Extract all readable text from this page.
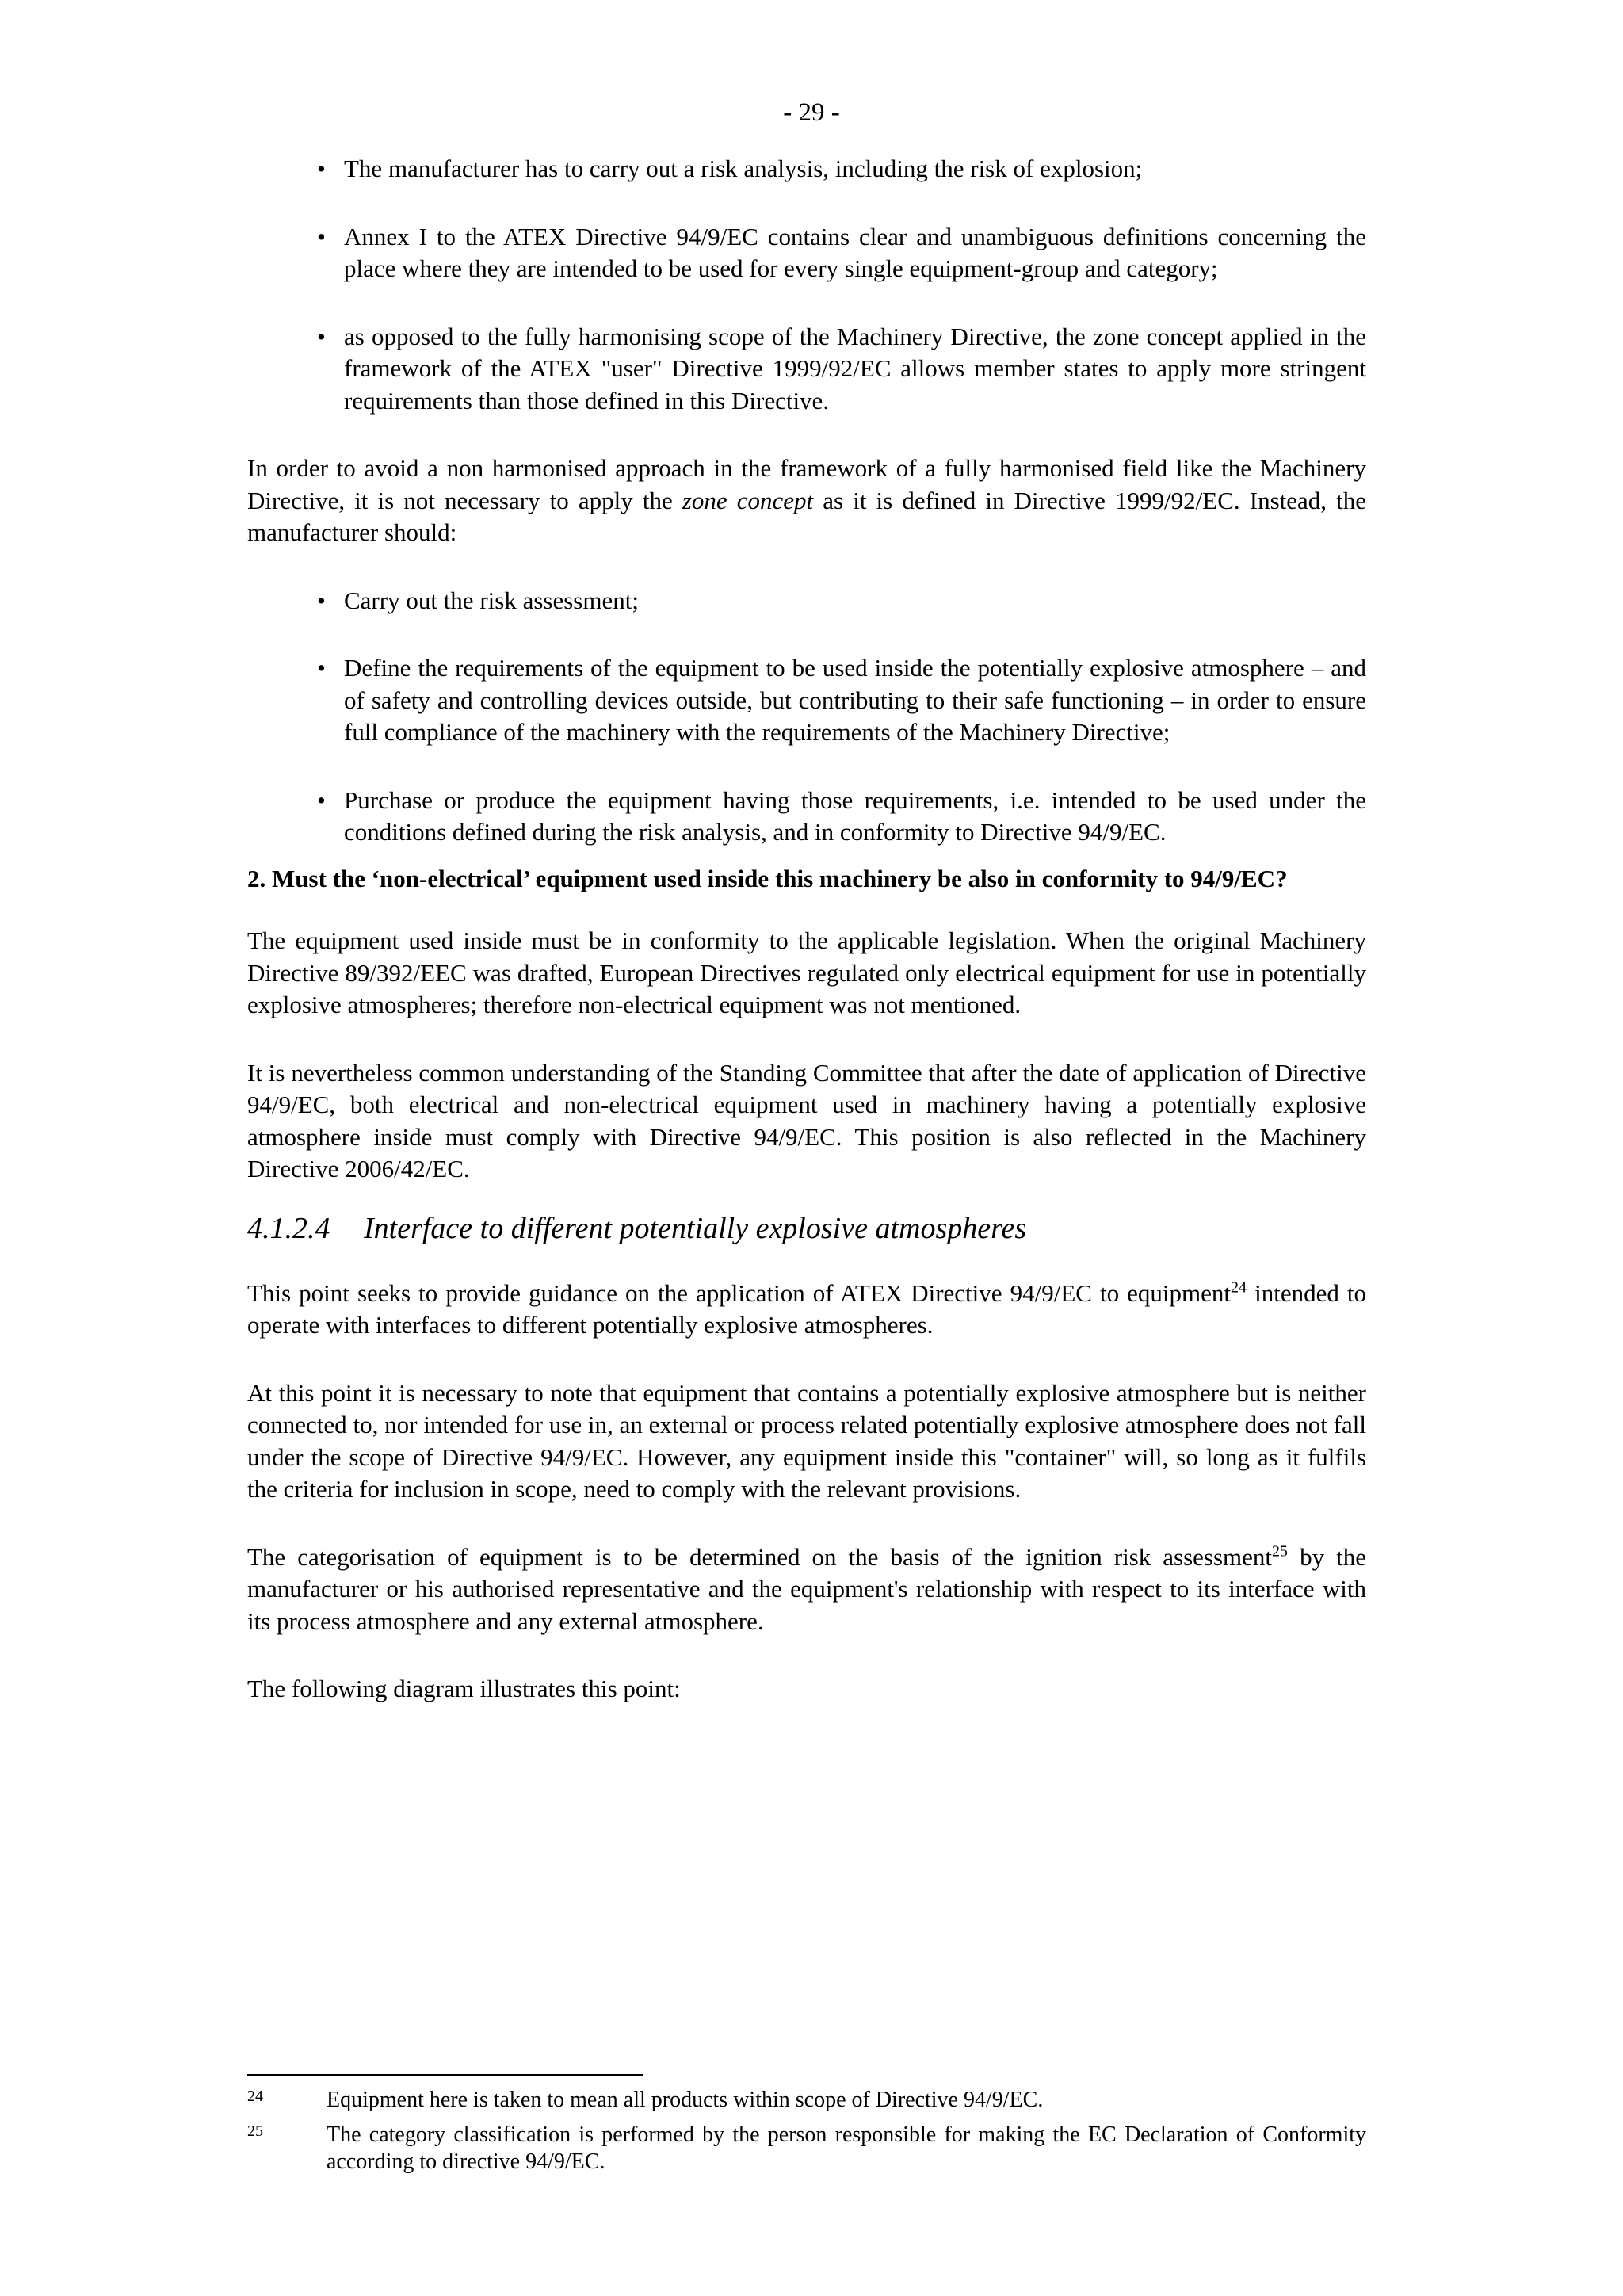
- 29 -
• The manufacturer has to carry out a risk analysis, including the risk of explosion;
• Annex I to the ATEX Directive 94/9/EC contains clear and unambiguous definitions concerning the place where they are intended to be used for every single equipment-group and category;
• as opposed to the fully harmonising scope of the Machinery Directive, the zone concept applied in the framework of the ATEX "user" Directive 1999/92/EC allows member states to apply more stringent requirements than those defined in this Directive.

In order to avoid a non harmonised approach in the framework of a fully harmonised field like the Machinery Directive, it is not necessary to apply the zone concept as it is defined in Directive 1999/92/EC. Instead, the manufacturer should:

• Carry out the risk assessment;
• Define the requirements of the equipment to be used inside the potentially explosive atmosphere – and of safety and controlling devices outside, but contributing to their safe functioning – in order to ensure full compliance of the machinery with the requirements of the Machinery Directive;
• Purchase or produce the equipment having those requirements, i.e. intended to be used under the conditions defined during the risk analysis, and in conformity to Directive 94/9/EC.

2. Must the ‘non-electrical’ equipment used inside this machinery be also in conformity to 94/9/EC?

The equipment used inside must be in conformity to the applicable legislation. When the original Machinery Directive 89/392/EEC was drafted, European Directives regulated only electrical equipment for use in potentially explosive atmospheres; therefore non-electrical equipment was not mentioned.

It is nevertheless common understanding of the Standing Committee that after the date of application of Directive 94/9/EC, both electrical and non-electrical equipment used in machinery having a potentially explosive atmosphere inside must comply with Directive 94/9/EC. This position is also reflected in the Machinery Directive 2006/42/EC.

4.1.2.4	Interface to different potentially explosive atmospheres

This point seeks to provide guidance on the application of ATEX Directive 94/9/EC to equipment$^{24}$ intended to operate with interfaces to different potentially explosive atmospheres.

At this point it is necessary to note that equipment that contains a potentially explosive atmosphere but is neither connected to, nor intended for use in, an external or process related potentially explosive atmosphere does not fall under the scope of Directive 94/9/EC. However, any equipment inside this "container" will, so long as it fulfils the criteria for inclusion in scope, need to comply with the relevant provisions.

The categorisation of equipment is to be determined on the basis of the ignition risk assessment$^{25}$ by the manufacturer or his authorised representative and the equipment's relationship with respect to its interface with its process atmosphere and any external atmosphere.

The following diagram illustrates this point:

24	Equipment here is taken to mean all products within scope of Directive 94/9/EC.
25	The category classification is performed by the person responsible for making the EC Declaration of Conformity according to directive 94/9/EC.
